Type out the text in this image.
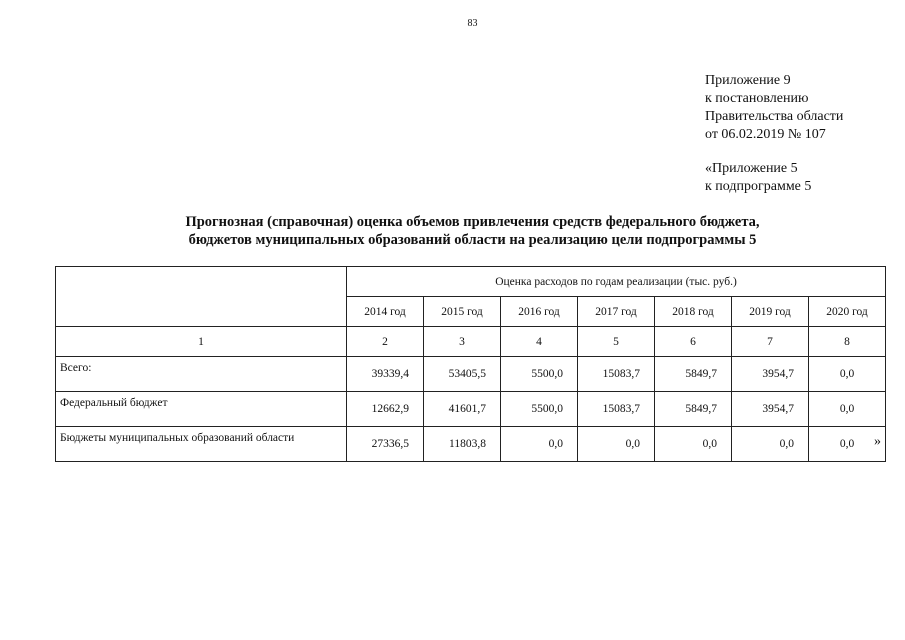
83
Приложение 9
к постановлению
Правительства области
от 06.02.2019 № 107
«Приложение 5
к подпрограмме 5
Прогнозная (справочная) оценка объемов привлечения средств федерального бюджета,
бюджетов муниципальных образований области на реализацию цели подпрограммы 5
	Оценка расходов по годам реализации (тыс. руб.)						
	2014 год	2015 год	2016 год	2017 год	2018 год	2019 год	2020 год
1	2	3	4	5	6	7	8
Всего:	39339,4	53405,5	5500,0	15083,7	5849,7	3954,7	0,0
Федеральный бюджет	12662,9	41601,7	5500,0	15083,7	5849,7	3954,7	0,0
Бюджеты муниципальных образований области	27336,5	11803,8	0,0	0,0	0,0	0,0	0,0 »
